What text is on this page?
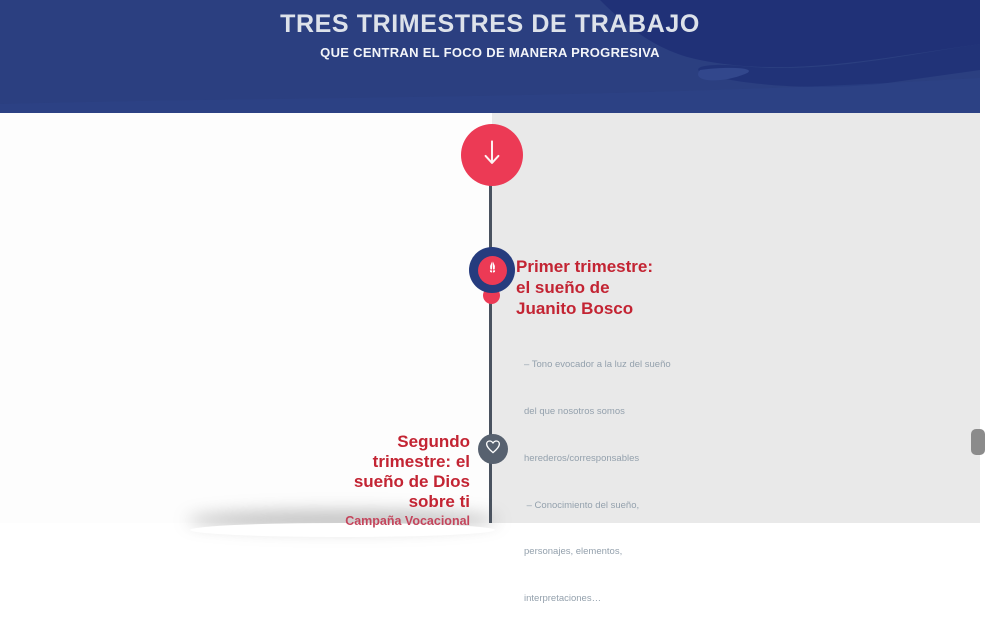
TRES TRIMESTRES DE TRABAJO
QUE CENTRAN EL FOCO DE MANERA PROGRESIVA
Primer trimestre:
el sueño de
Juanito Bosco

– Tono evocador a la luz del sueño

del que nosotros somos

herederos/corresponsables

– Conocimiento del sueño,

personajes, elementos,

interpretaciones…

Segundo
trimestre: el
sueño de Dios
sobre ti
Campaña Vocacional
